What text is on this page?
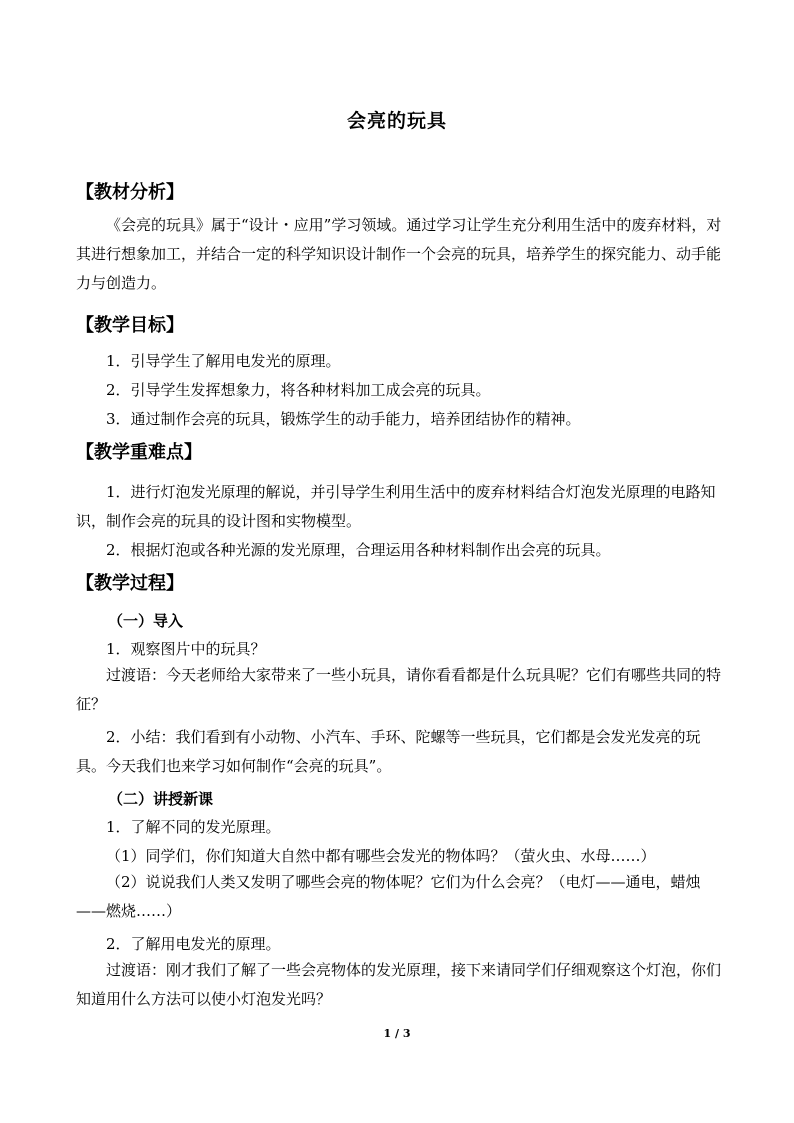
会亮的玩具
【教材分析】

《会亮的玩具》属于“设计・应用”学习领域。通过学习让学生充分利用生活中的废弃材料，对其进行想象加工，并结合一定的科学知识设计制作一个会亮的玩具，培养学生的探究能力、动手能力与创造力。

【教学目标】
1．引导学生了解用电发光的原理。
2．引导学生发挥想象力，将各种材料加工成会亮的玩具。
3．通过制作会亮的玩具，锻炼学生的动手能力，培养团结协作的精神。
【教学重难点】

1．进行灯泡发光原理的解说，并引导学生利用生活中的废弃材料结合灯泡发光原理的电路知识，制作会亮的玩具的设计图和实物模型。

2．根据灯泡或各种光源的发光原理，合理运用各种材料制作出会亮的玩具。
【教学过程】
（一）导入
1．观察图片中的玩具？

过渡语：今天老师给大家带来了一些小玩具，请你看看都是什么玩具呢？它们有哪些共同的特征？

2．小结：我们看到有小动物、小汽车、手环、陀螺等一些玩具，它们都是会发光发亮的玩具。今天我们也来学习如何制作“会亮的玩具”。

（二）讲授新课
1．了解不同的发光原理。
（1）同学们，你们知道大自然中都有哪些会发光的物体吗？（萤火虫、水母……）

（2）说说我们人类又发明了哪些会亮的物体呢？它们为什么会亮？（电灯——通电，蜡烛——燃烧……）

2．了解用电发光的原理。

过渡语：刚才我们了解了一些会亮物体的发光原理，接下来请同学们仔细观察这个灯泡，你们知道用什么方法可以使小灯泡发光吗？

1 / 3
